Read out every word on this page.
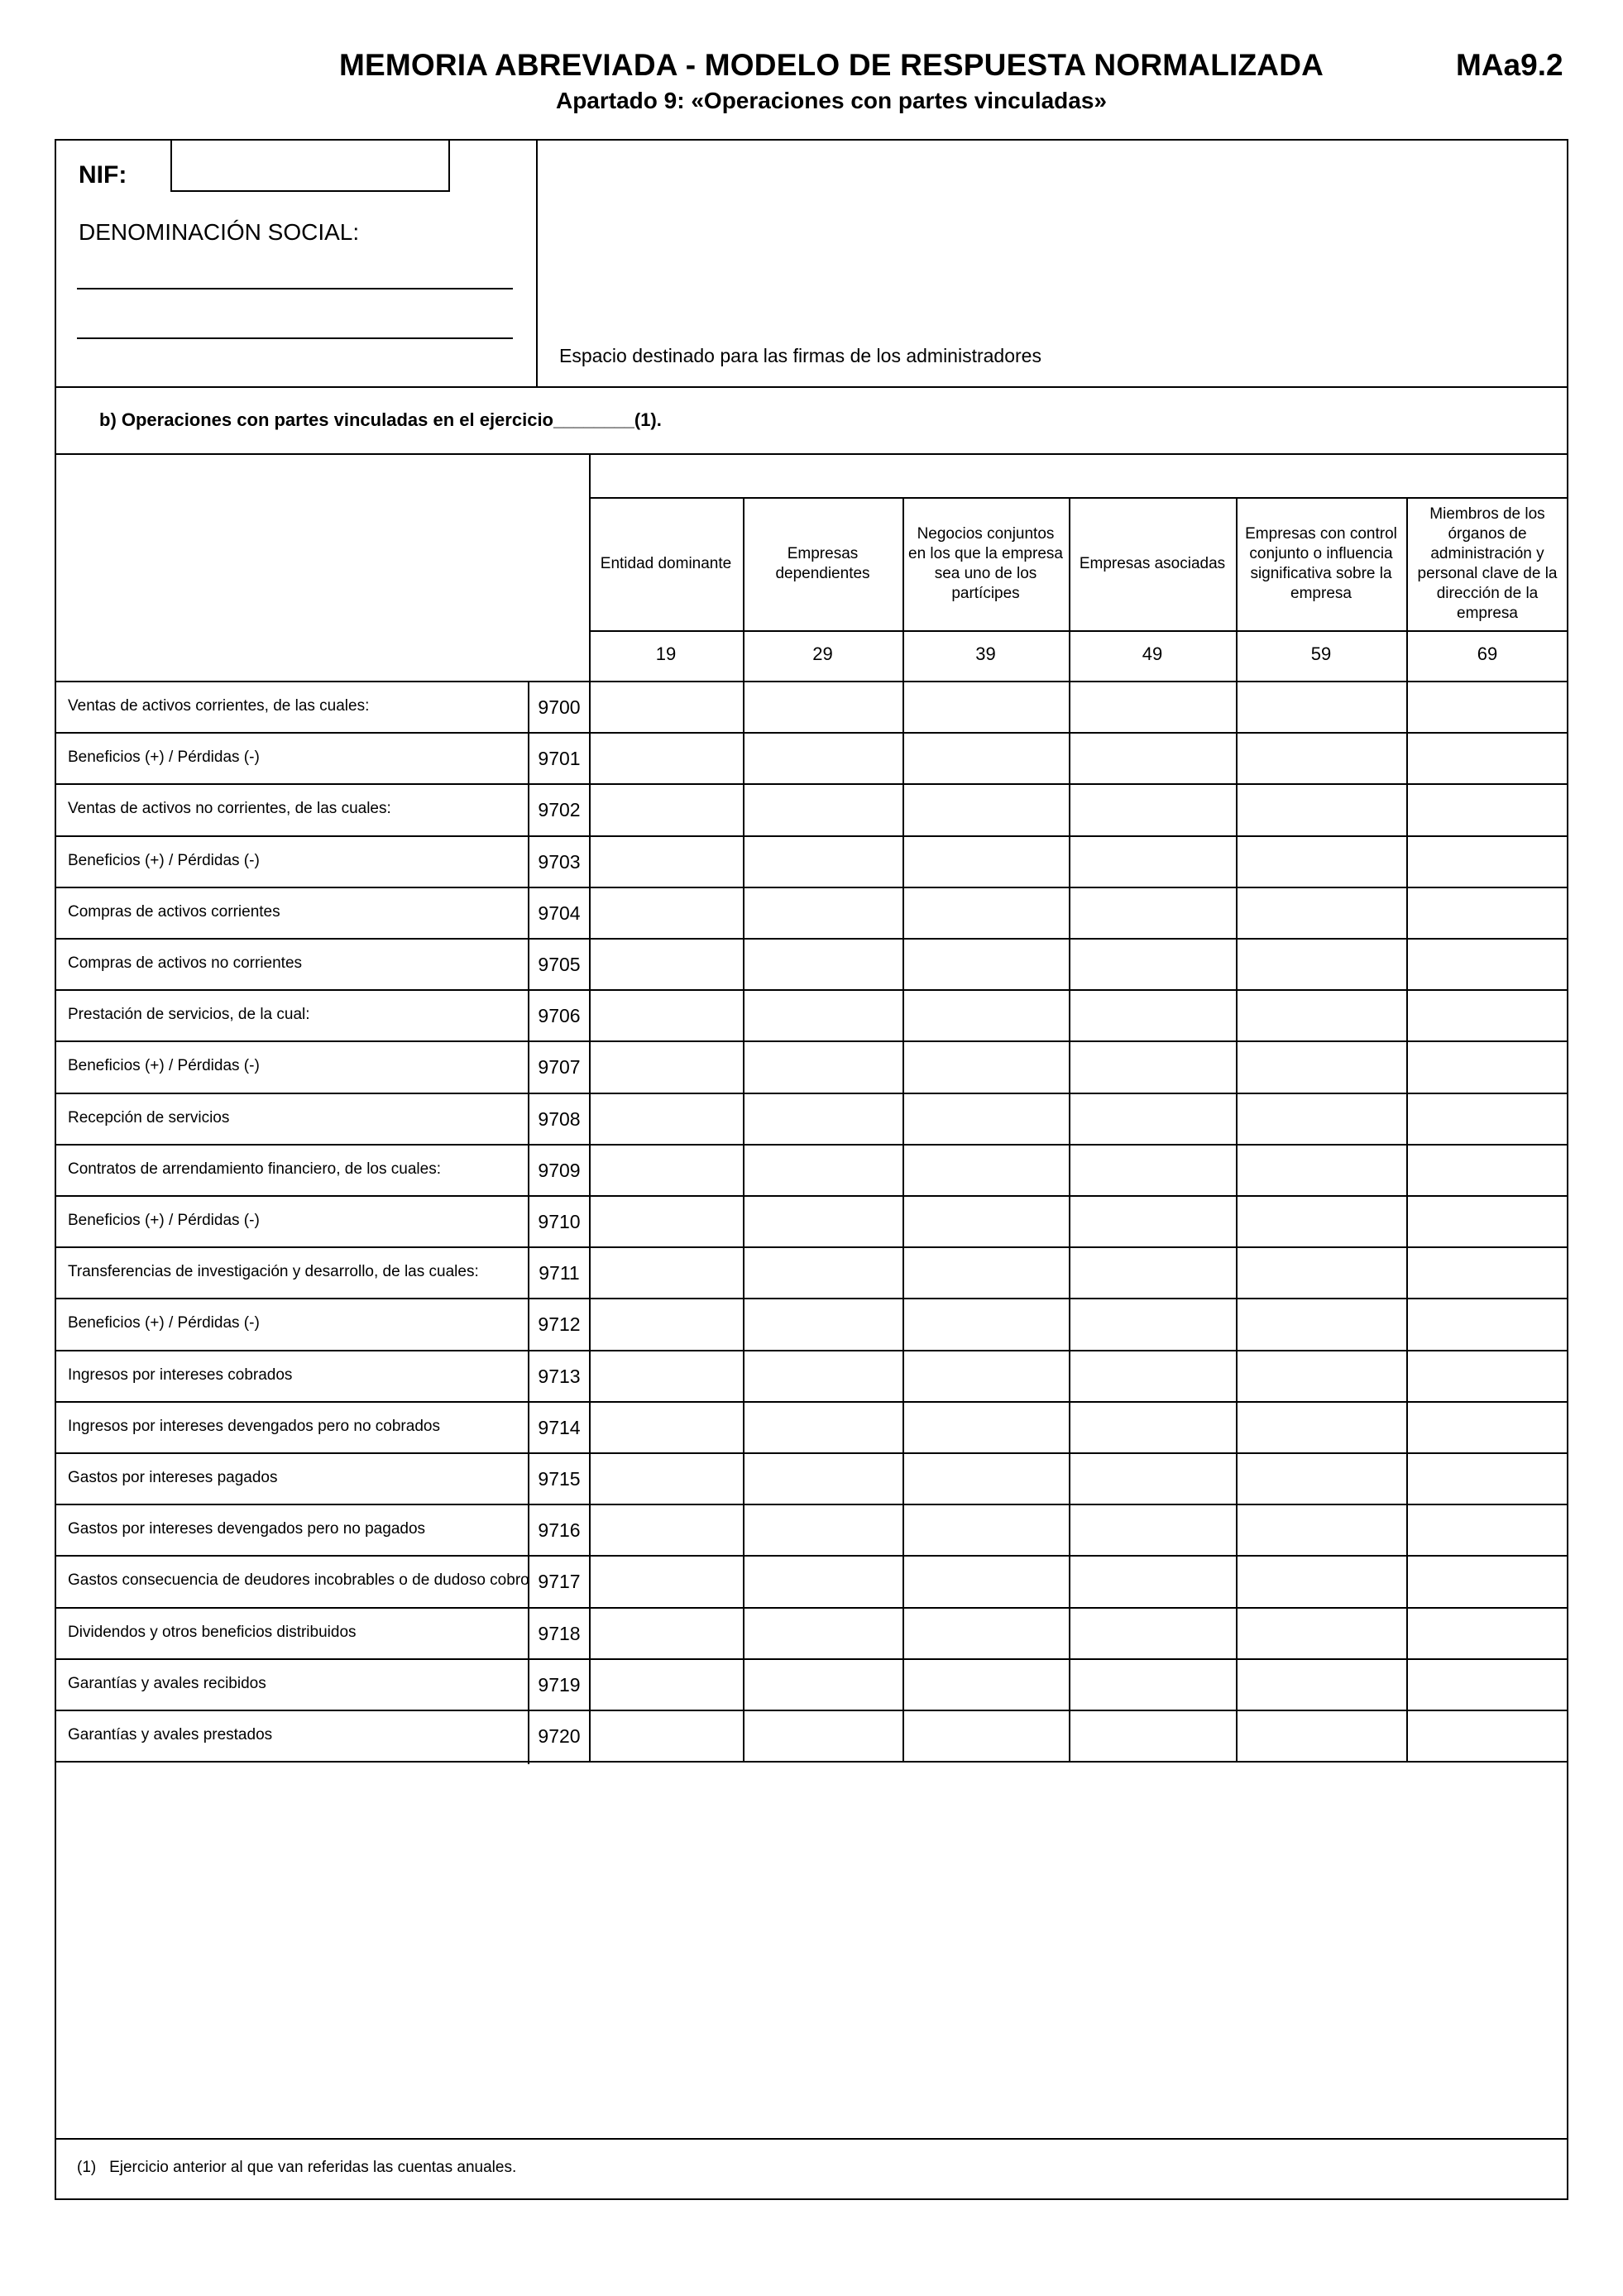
MEMORIA ABREVIADA - MODELO DE RESPUESTA NORMALIZADA
Apartado 9: «Operaciones con partes vinculadas»
MAa9.2
NIF:
DENOMINACIÓN SOCIAL:
Espacio destinado para las firmas de los administradores
b) Operaciones con partes vinculadas en el ejercicio________(1).
Entidad dominante
19
Empresas dependientes
29
Negocios conjuntos en los que la empresa sea uno de los partícipes
39
Empresas asociadas
49
Empresas con control conjunto o influencia significativa sobre la empresa
59
Miembros de los órganos de administración y personal clave de la dirección de la empresa
69
Ventas de activos corrientes, de las cuales:	9700
Beneficios (+) / Pérdidas (-)	9701
Ventas de activos no corrientes, de las cuales:	9702
Beneficios (+) / Pérdidas (-)	9703
Compras de activos corrientes	9704
Compras de activos no corrientes	9705
Prestación de servicios, de la cual:	9706
Beneficios (+) / Pérdidas (-)	9707
Recepción de servicios	9708
Contratos de arrendamiento financiero, de los cuales:	9709
Beneficios (+) / Pérdidas (-)	9710
Transferencias de investigación y desarrollo, de las cuales:	9711
Beneficios (+) / Pérdidas (-)	9712
Ingresos por intereses cobrados	9713
Ingresos por intereses devengados pero no cobrados	9714
Gastos por intereses pagados	9715
Gastos por intereses devengados pero no pagados	9716
Gastos consecuencia de deudores incobrables o de dudoso cobro 9717
Dividendos y otros beneficios distribuidos	9718
Garantías y avales recibidos	9719
Garantías y avales prestados	9720
(1) Ejercicio anterior al que van referidas las cuentas anuales.
